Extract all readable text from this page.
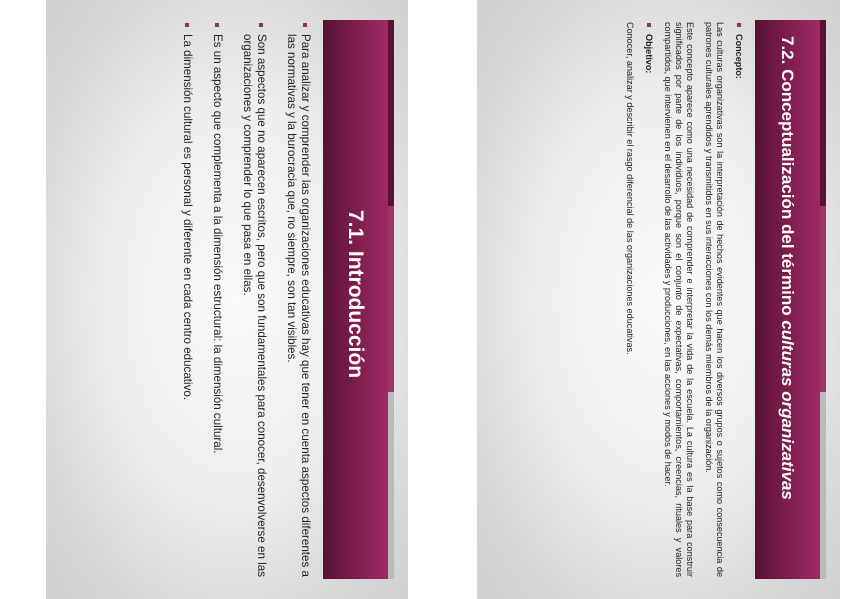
7.1. Introducción
Para analizar y comprender las organizaciones educativas hay que tener en cuenta aspectos diferentes a las normativas y la burocracia que, no siempre, son tan visibles.
Son aspectos que no aparecen escritos, pero que son fundamentales para conocer, desenvolverse en las organizaciones y comprender lo que pasa en ellas.
Es un aspecto que complementa a la dimensión estructural: la dimensión cultural.
La dimensión cultural es personal y diferente en cada centro educativo.	7.2. Conceptualización del término culturas organizativas
Concepto:
Las culturas organizativas son la interpretación de hechos evidentes que hacen los diversos grupos o sujetos como consecuencia de patrones culturales aprendidos y transmitidos en sus interacciones con los demás miembros de la organización.
Este concepto aparece como una necesidad de comprender e interpretar la vida de la escuela. La cultura es la base para construir significados por parte de los individuos, porque son el conjunto de expectativas, comportamientos, creencias, rituales y valores compartidos, que intervienen en el desarrollo de las actividades y producciones, en las acciones y modos de hacer.
Objetivo:
Conocer, analizar y describir el rasgo diferencial de las organizaciones educativas.
